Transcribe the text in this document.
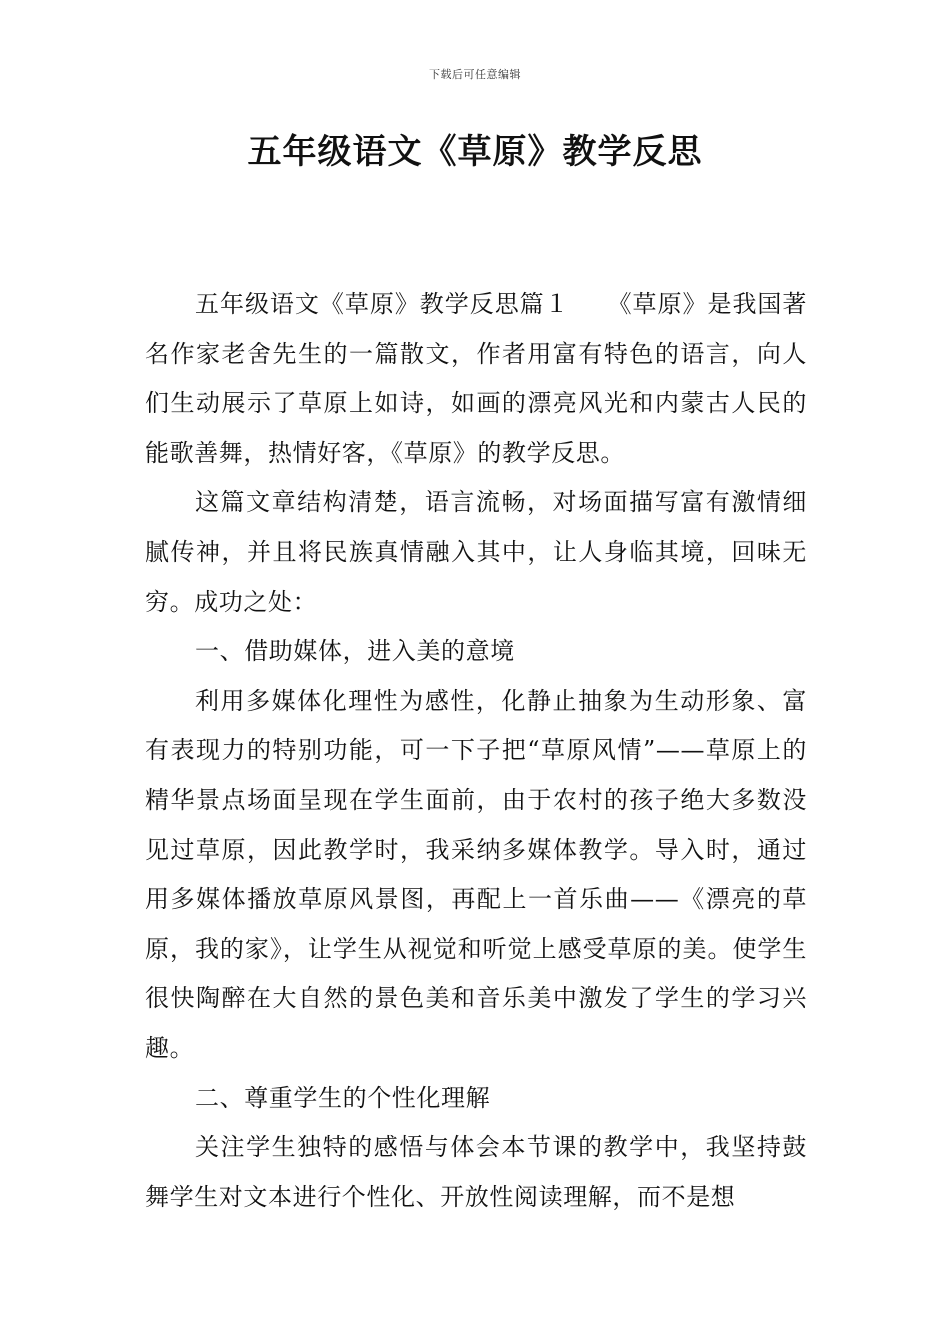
下载后可任意编辑
五年级语文《草原》教学反思

五年级语文《草原》教学反思篇１　　《草原》是我国著名作家老舍先生的一篇散文，作者用富有特色的语言，向人们生动展示了草原上如诗，如画的漂亮风光和内蒙古人民的能歌善舞，热情好客，《草原》的教学反思。

这篇文章结构清楚，语言流畅，对场面描写富有激情细腻传神，并且将民族真情融入其中，让人身临其境，回味无穷。成功之处：

一、借助媒体，进入美的意境

利用多媒体化理性为感性，化静止抽象为生动形象、富有表现力的特别功能，可一下子把“草原风情”——草原上的精华景点场面呈现在学生面前，由于农村的孩子绝大多数没见过草原，因此教学时，我采纳多媒体教学。导入时，通过用多媒体播放草原风景图，再配上一首乐曲——《漂亮的草原，我的家》，让学生从视觉和听觉上感受草原的美。使学生很快陶醉在大自然的景色美和音乐美中激发了学生的学习兴趣。

二、尊重学生的个性化理解

关注学生独特的感悟与体会本节课的教学中，我坚持鼓舞学生对文本进行个性化、开放性阅读理解，而不是想
